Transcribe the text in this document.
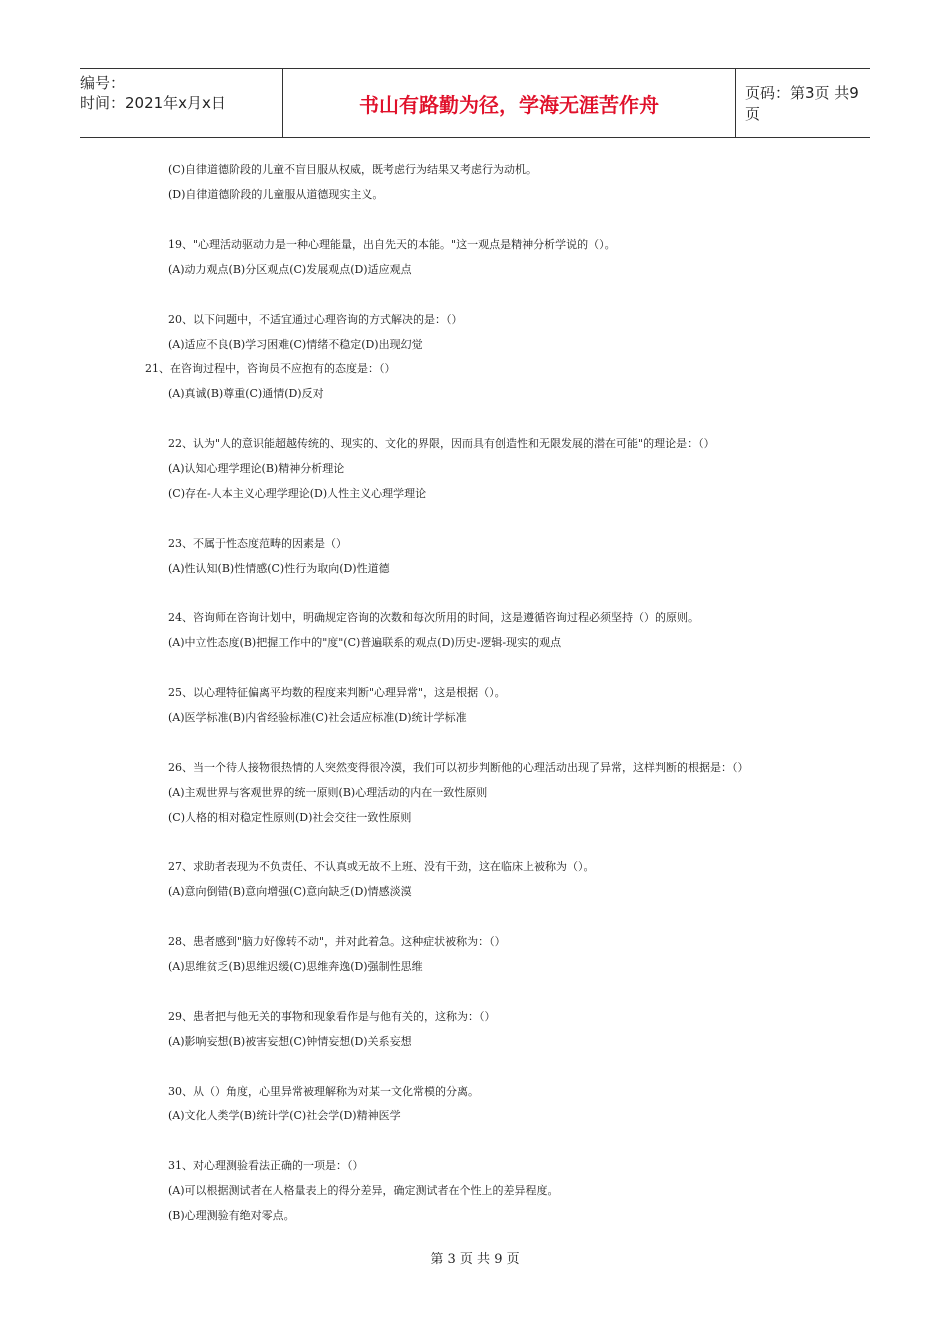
编号：
时间：2021年x月x日	书山有路勤为径，学海无涯苦作舟	页码：第3页 共9页
(C)自律道德阶段的儿童不盲目服从权威，既考虑行为结果又考虑行为动机。
(D)自律道德阶段的儿童服从道德现实主义。
19、"心理活动驱动力是一种心理能量，出自先天的本能。"这一观点是精神分析学说的（）。
(A)动力观点(B)分区观点(C)发展观点(D)适应观点
20、以下问题中，不适宜通过心理咨询的方式解决的是：（）
(A)适应不良(B)学习困难(C)情绪不稳定(D)出现幻觉
21、在咨询过程中，咨询员不应抱有的态度是：（）
(A)真诚(B)尊重(C)通情(D)反对
22、认为"人的意识能超越传统的、现实的、文化的界限，因而具有创造性和无限发展的潜在可能"的理论是：（）
(A)认知心理学理论(B)精神分析理论
(C)存在-人本主义心理学理论(D)人性主义心理学理论
23、不属于性态度范畴的因素是（）
(A)性认知(B)性情感(C)性行为取向(D)性道德
24、咨询师在咨询计划中，明确规定咨询的次数和每次所用的时间，这是遵循咨询过程必须坚持（）的原则。
(A)中立性态度(B)把握工作中的"度"(C)普遍联系的观点(D)历史-逻辑-现实的观点
25、以心理特征偏离平均数的程度来判断"心理异常"，这是根据（）。
(A)医学标准(B)内省经验标准(C)社会适应标准(D)统计学标准
26、当一个待人接物很热情的人突然变得很冷漠，我们可以初步判断他的心理活动出现了异常，这样判断的根据是：（）
(A)主观世界与客观世界的统一原则(B)心理活动的内在一致性原则
(C)人格的相对稳定性原则(D)社会交往一致性原则
27、求助者表现为不负责任、不认真或无故不上班、没有干劲，这在临床上被称为（）。
(A)意向倒错(B)意向增强(C)意向缺乏(D)情感淡漠
28、患者感到"脑力好像转不动"，并对此着急。这种症状被称为：（）
(A)思维贫乏(B)思维迟缓(C)思维奔逸(D)强制性思维
29、患者把与他无关的事物和现象看作是与他有关的，这称为：（）
(A)影响妄想(B)被害妄想(C)钟情妄想(D)关系妄想
30、从（）角度，心里异常被理解称为对某一文化常模的分离。
(A)文化人类学(B)统计学(C)社会学(D)精神医学
31、对心理测验看法正确的一项是：（）
(A)可以根据测试者在人格量表上的得分差异，确定测试者在个性上的差异程度。
(B)心理测验有绝对零点。
第 3 页 共 9 页
